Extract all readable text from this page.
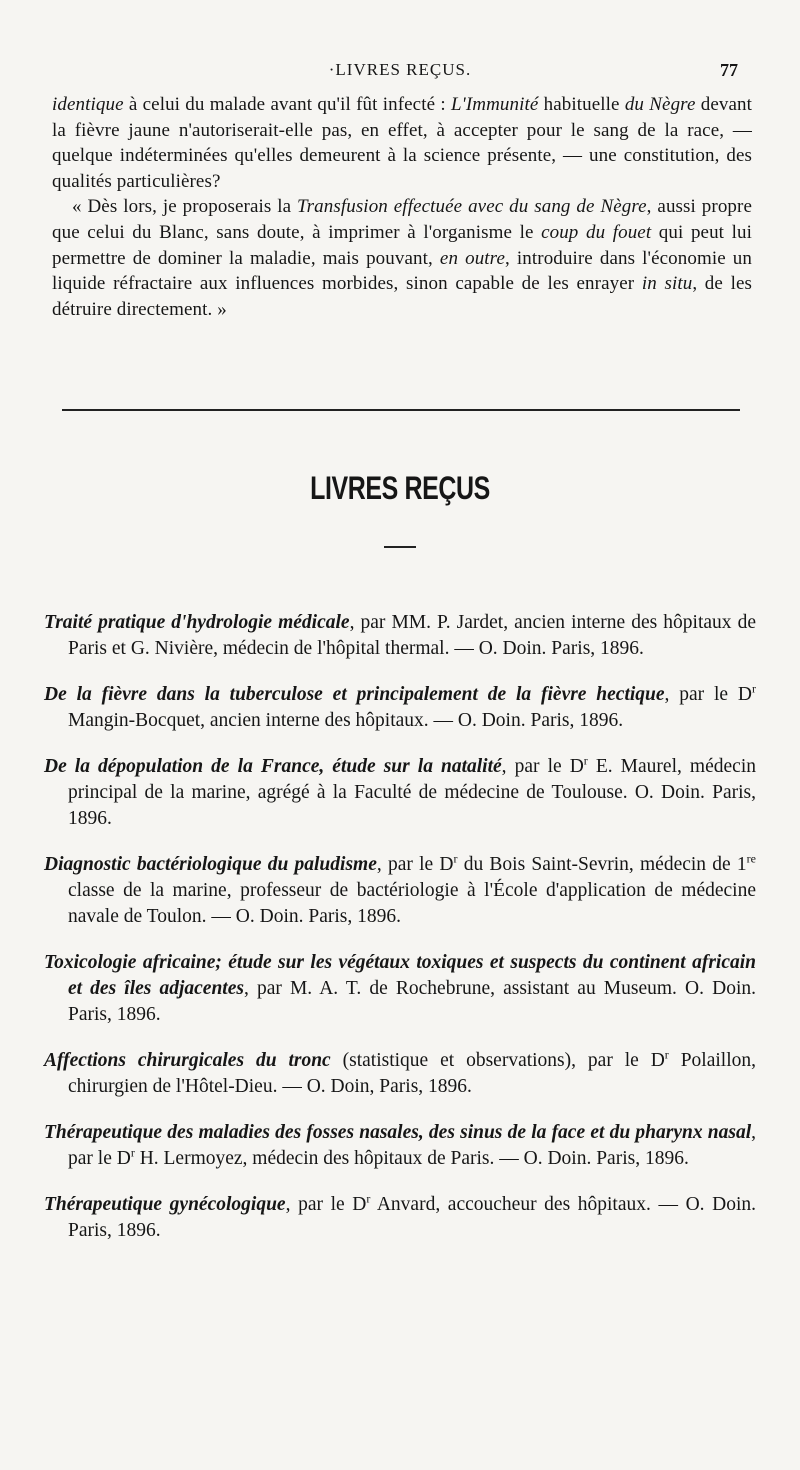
·LIVRES REÇUS.	77

identique à celui du malade avant qu'il fût infecté : L'Immunité habituelle du Nègre devant la fièvre jaune n'autoriserait-elle pas, en effet, à accepter pour le sang de la race, — quelque indéterminées qu'elles demeurent à la science présente, — une constitution, des qualités particulières?

« Dès lors, je proposerais la Transfusion effectuée avec du sang de Nègre, aussi propre que celui du Blanc, sans doute, à imprimer à l'organisme le coup du fouet qui peut lui permettre de dominer la maladie, mais pouvant, en outre, introduire dans l'économie un liquide réfractaire aux influences morbides, sinon capable de les enrayer in situ, de les détruire directement. »

LIVRES REÇUS

Traité pratique d'hydrologie médicale, par MM. P. Jardet, ancien interne des hôpitaux de Paris et G. Nivière, médecin de l'hôpital thermal. — O. Doin. Paris, 1896.

De la fièvre dans la tuberculose et principalement de la fièvre hectique, par le $D^r$ Mangin-Bocquet, ancien interne des hôpitaux. — O. Doin. Paris, 1896.

De la dépopulation de la France, étude sur la natalité, par le $D^r$ E. Maurel, médecin principal de la marine, agrégé à la Faculté de médecine de Toulouse. O. Doin. Paris, 1896.

Diagnostic bactériologique du paludisme, par le $D^r$ du Bois Saint-Sevrin, médecin de 1re classe de la marine, professeur de bactériologie à l'École d'application de médecine navale de Toulon. — O. Doin. Paris, 1896.

Toxicologie africaine; étude sur les végétaux toxiques et suspects du continent africain et des îles adjacentes, par M. A. T. de Rochebrune, assistant au Museum. O. Doin. Paris, 1896.

Affections chirurgicales du tronc (statistique et observations), par le $D^r$ Polaillon, chirurgien de l'Hôtel-Dieu. — O. Doin, Paris, 1896.

Thérapeutique des maladies des fosses nasales, des sinus de la face et du pharynx nasal, par le $D^r$ H. Lermoyez, médecin des hôpitaux de Paris. — O. Doin. Paris, 1896.

Thérapeutique gynécologique, par le $D^r$ Anvard, accoucheur des hôpitaux. — O. Doin. Paris, 1896.
